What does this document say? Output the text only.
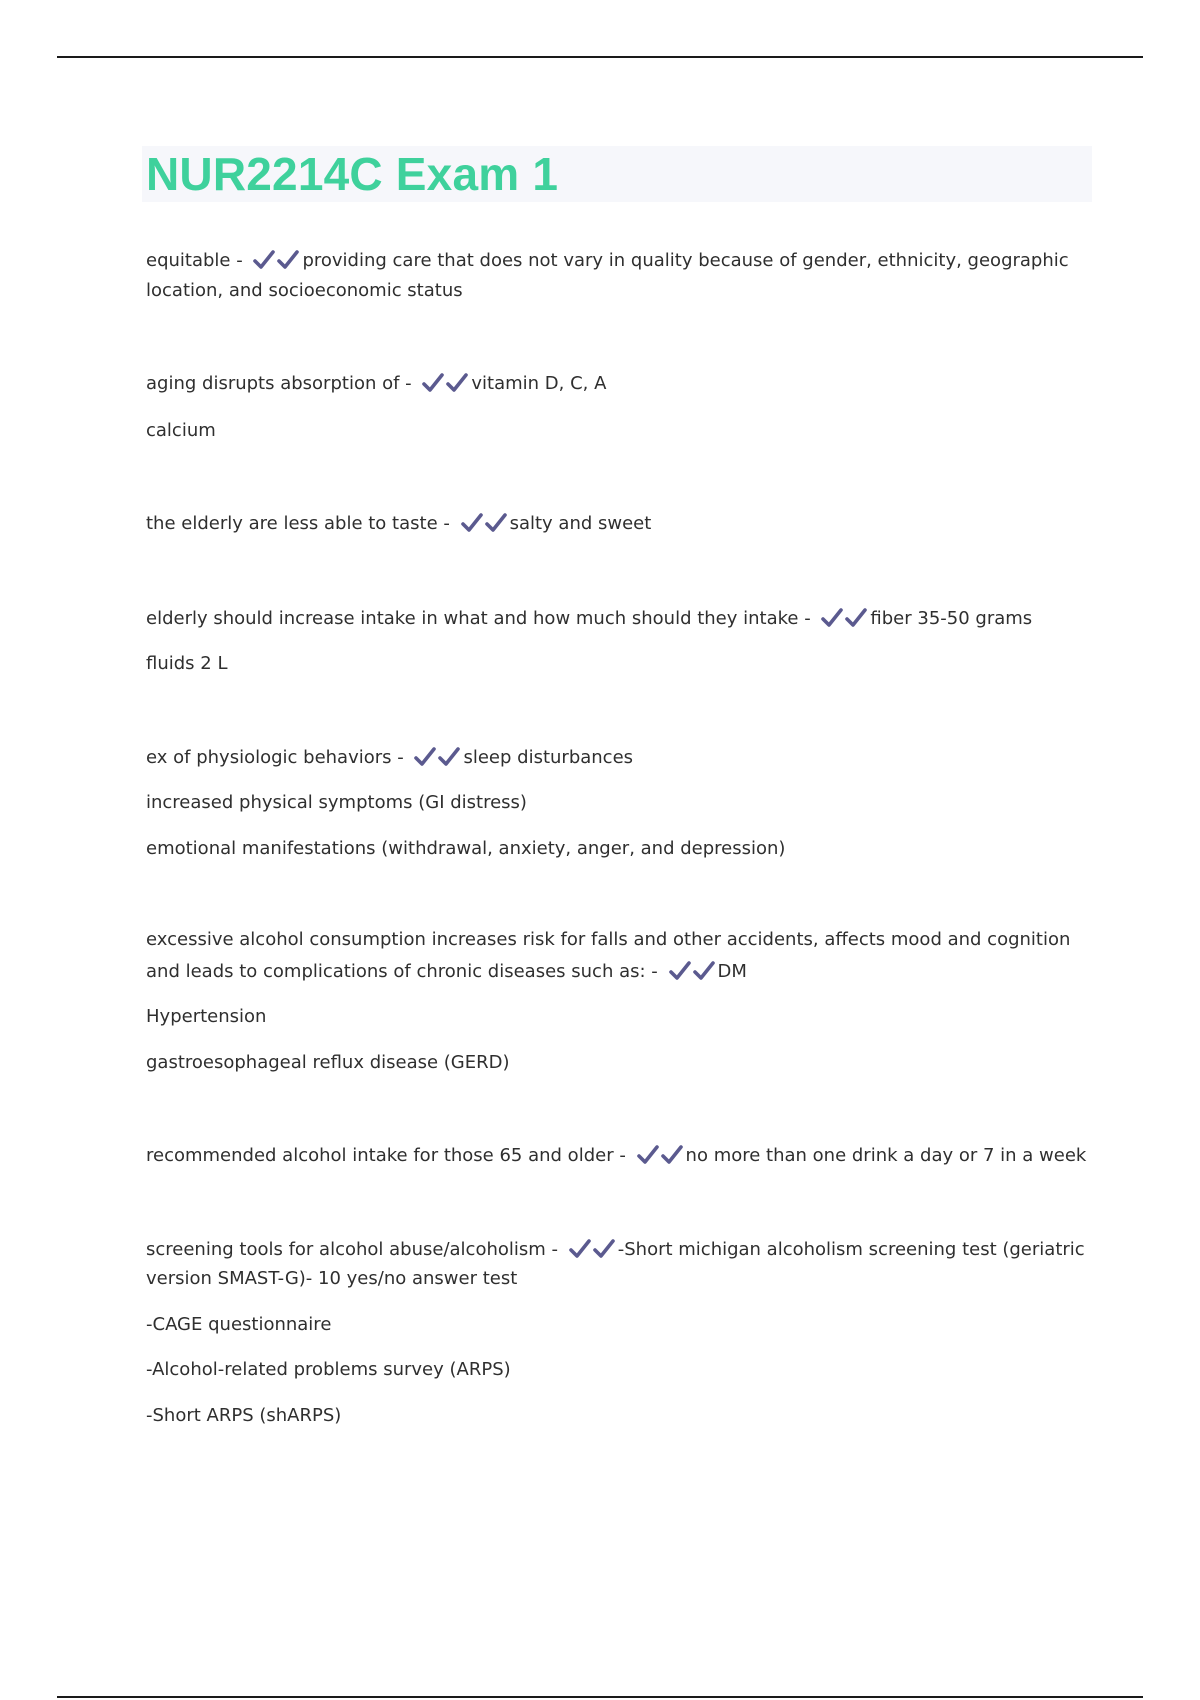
NUR2214C Exam 1
equitable -	providing care that does not vary in quality because of gender, ethnicity, geographic
location, and socioeconomic status
aging disrupts absorption of -	vitamin D, C, A
calcium
the elderly are less able to taste -	salty and sweet
elderly should increase intake in what and how much should they intake -	fiber 35-50 grams
fluids 2 L
ex of physiologic behaviors -	sleep disturbances
increased physical symptoms (GI distress)
emotional manifestations (withdrawal, anxiety, anger, and depression)
excessive alcohol consumption increases risk for falls and other accidents, affects mood and cognition
and leads to complications of chronic diseases such as: -	DM
Hypertension
gastroesophageal reflux disease (GERD)
recommended alcohol intake for those 65 and older -	no more than one drink a day or 7 in a week
screening tools for alcohol abuse/alcoholism -	-Short michigan alcoholism screening test (geriatric
version SMAST-G)- 10 yes/no answer test
-CAGE questionnaire
-Alcohol-related problems survey (ARPS)
-Short ARPS (shARPS)
